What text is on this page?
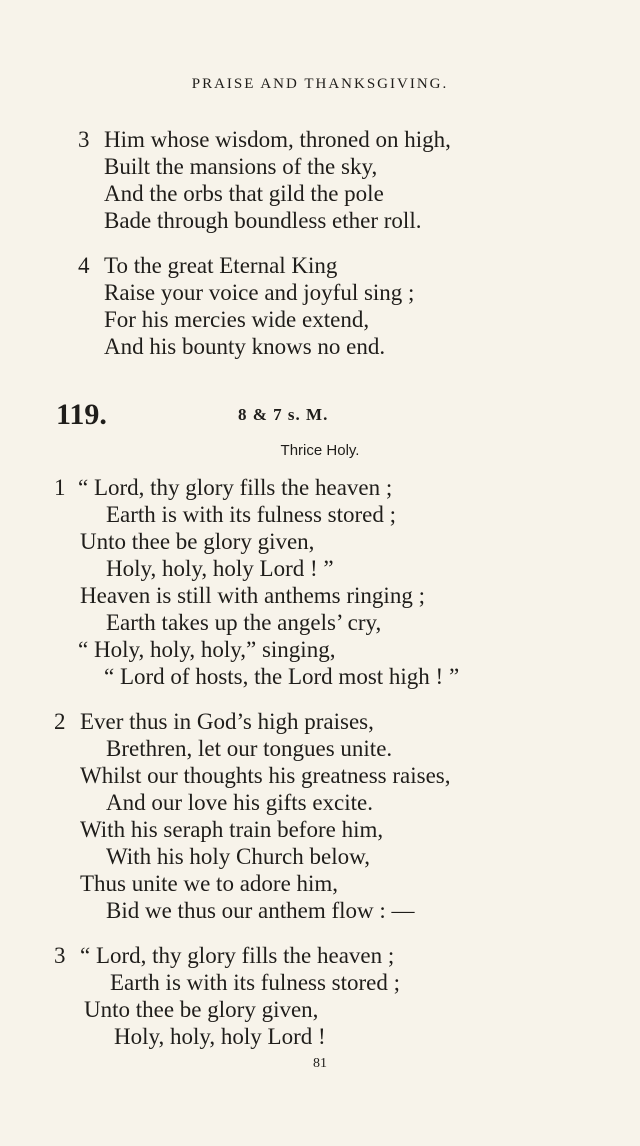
PRAISE AND THANKSGIVING.
3 Him whose wisdom, throned on high,
Built the mansions of the sky,
And the orbs that gild the pole
Bade through boundless ether roll.
4 To the great Eternal King
Raise your voice and joyful sing ;
For his mercies wide extend,
And his bounty knows no end.
119.	8 & 7 s. M.
Thrice Holy.
1 “ Lord, thy glory fills the heaven ;
Earth is with its fulness stored ;
Unto thee be glory given,
Holy, holy, holy Lord ! ”
Heaven is still with anthems ringing ;
Earth takes up the angels’ cry,
“ Holy, holy, holy,” singing,
“ Lord of hosts, the Lord most high ! ”
2 Ever thus in God’s high praises,
Brethren, let our tongues unite.
Whilst our thoughts his greatness raises,
And our love his gifts excite.
With his seraph train before him,
With his holy Church below,
Thus unite we to adore him,
Bid we thus our anthem flow : —
3 “ Lord, thy glory fills the heaven ;
Earth is with its fulness stored ;
Unto thee be glory given,
Holy, holy, holy Lord !
81
